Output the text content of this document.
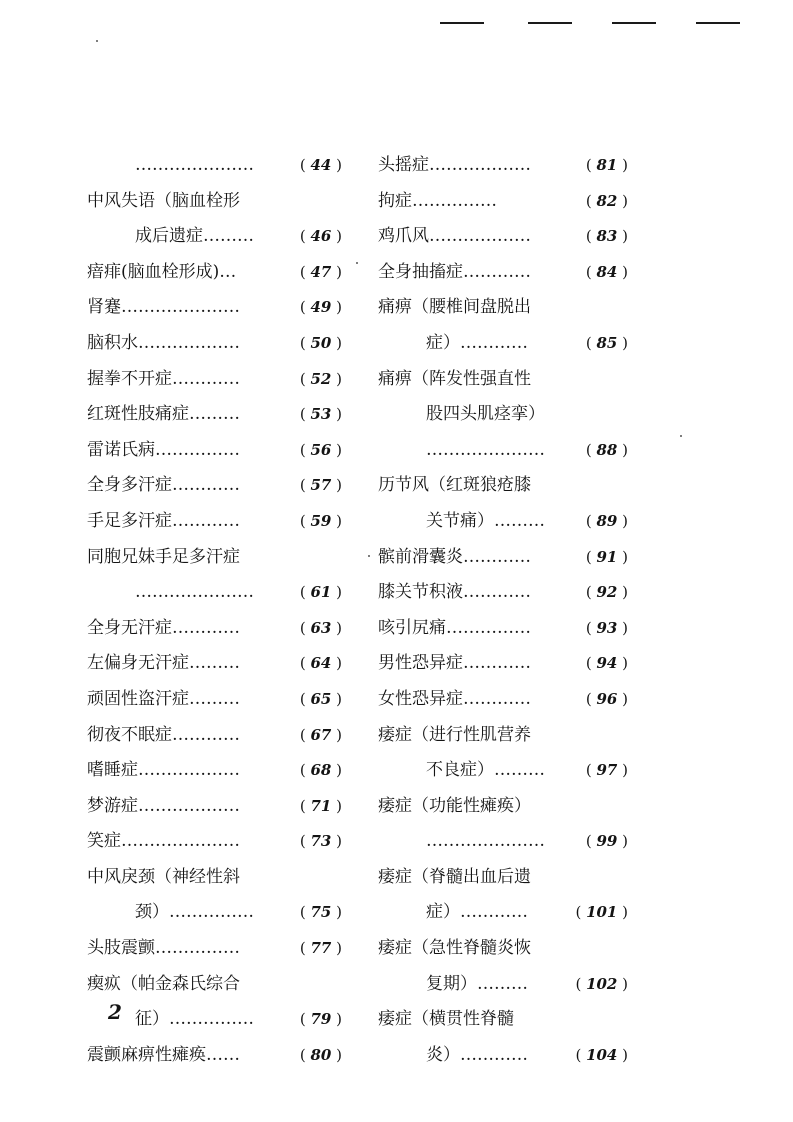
…………………	( 44 )
中风失语（脑血栓形
成后遗症………	( 46 )
瘖痱(脑血栓形成)…	( 47 )
肾蹇…………………	( 49 )
脑积水………………	( 50 )
握拳不开症…………	( 52 )
红斑性肢痛症………	( 53 )
雷诺氏病……………	( 56 )
全身多汗症…………	( 57 )
手足多汗症…………	( 59 )
同胞兄妹手足多汗症
…………………	( 61 )
全身无汗症…………	( 63 )
左偏身无汗症………	( 64 )
顽固性盗汗症………	( 65 )
彻夜不眠症…………	( 67 )
嗜睡症………………	( 68 )
梦游症………………	( 71 )
笑症…………………	( 73 )
中风戾颈（神经性斜
颈）……………	( 75 )
头肢震颤……………	( 77 )
瘈疭（帕金森氏综合
征）……………	( 79 )
震颤麻痹性瘫痪……	( 80 )
头摇症………………	( 81 )
拘症……………	( 82 )
鸡爪风………………	( 83 )
全身抽搐症…………	( 84 )
痛痹（腰椎间盘脱出
症）…………	( 85 )
痛痹（阵发性强直性
股四头肌痉挛）
…………………	( 88 )
历节风（红斑狼疮膝
关节痛）………	( 89 )
髌前滑囊炎…………	( 91 )
膝关节积液…………	( 92 )
咳引尻痛……………	( 93 )
男性恐异症…………	( 94 )
女性恐异症…………	( 96 )
痿症（进行性肌营养
不良症）………	( 97 )
痿症（功能性瘫痪）
…………………	( 99 )
痿症（脊髓出血后遗
症）…………	( 101 )
痿症（急性脊髓炎恢
复期）………	( 102 )
痿症（横贯性脊髓
炎）…………	( 104 )
2
